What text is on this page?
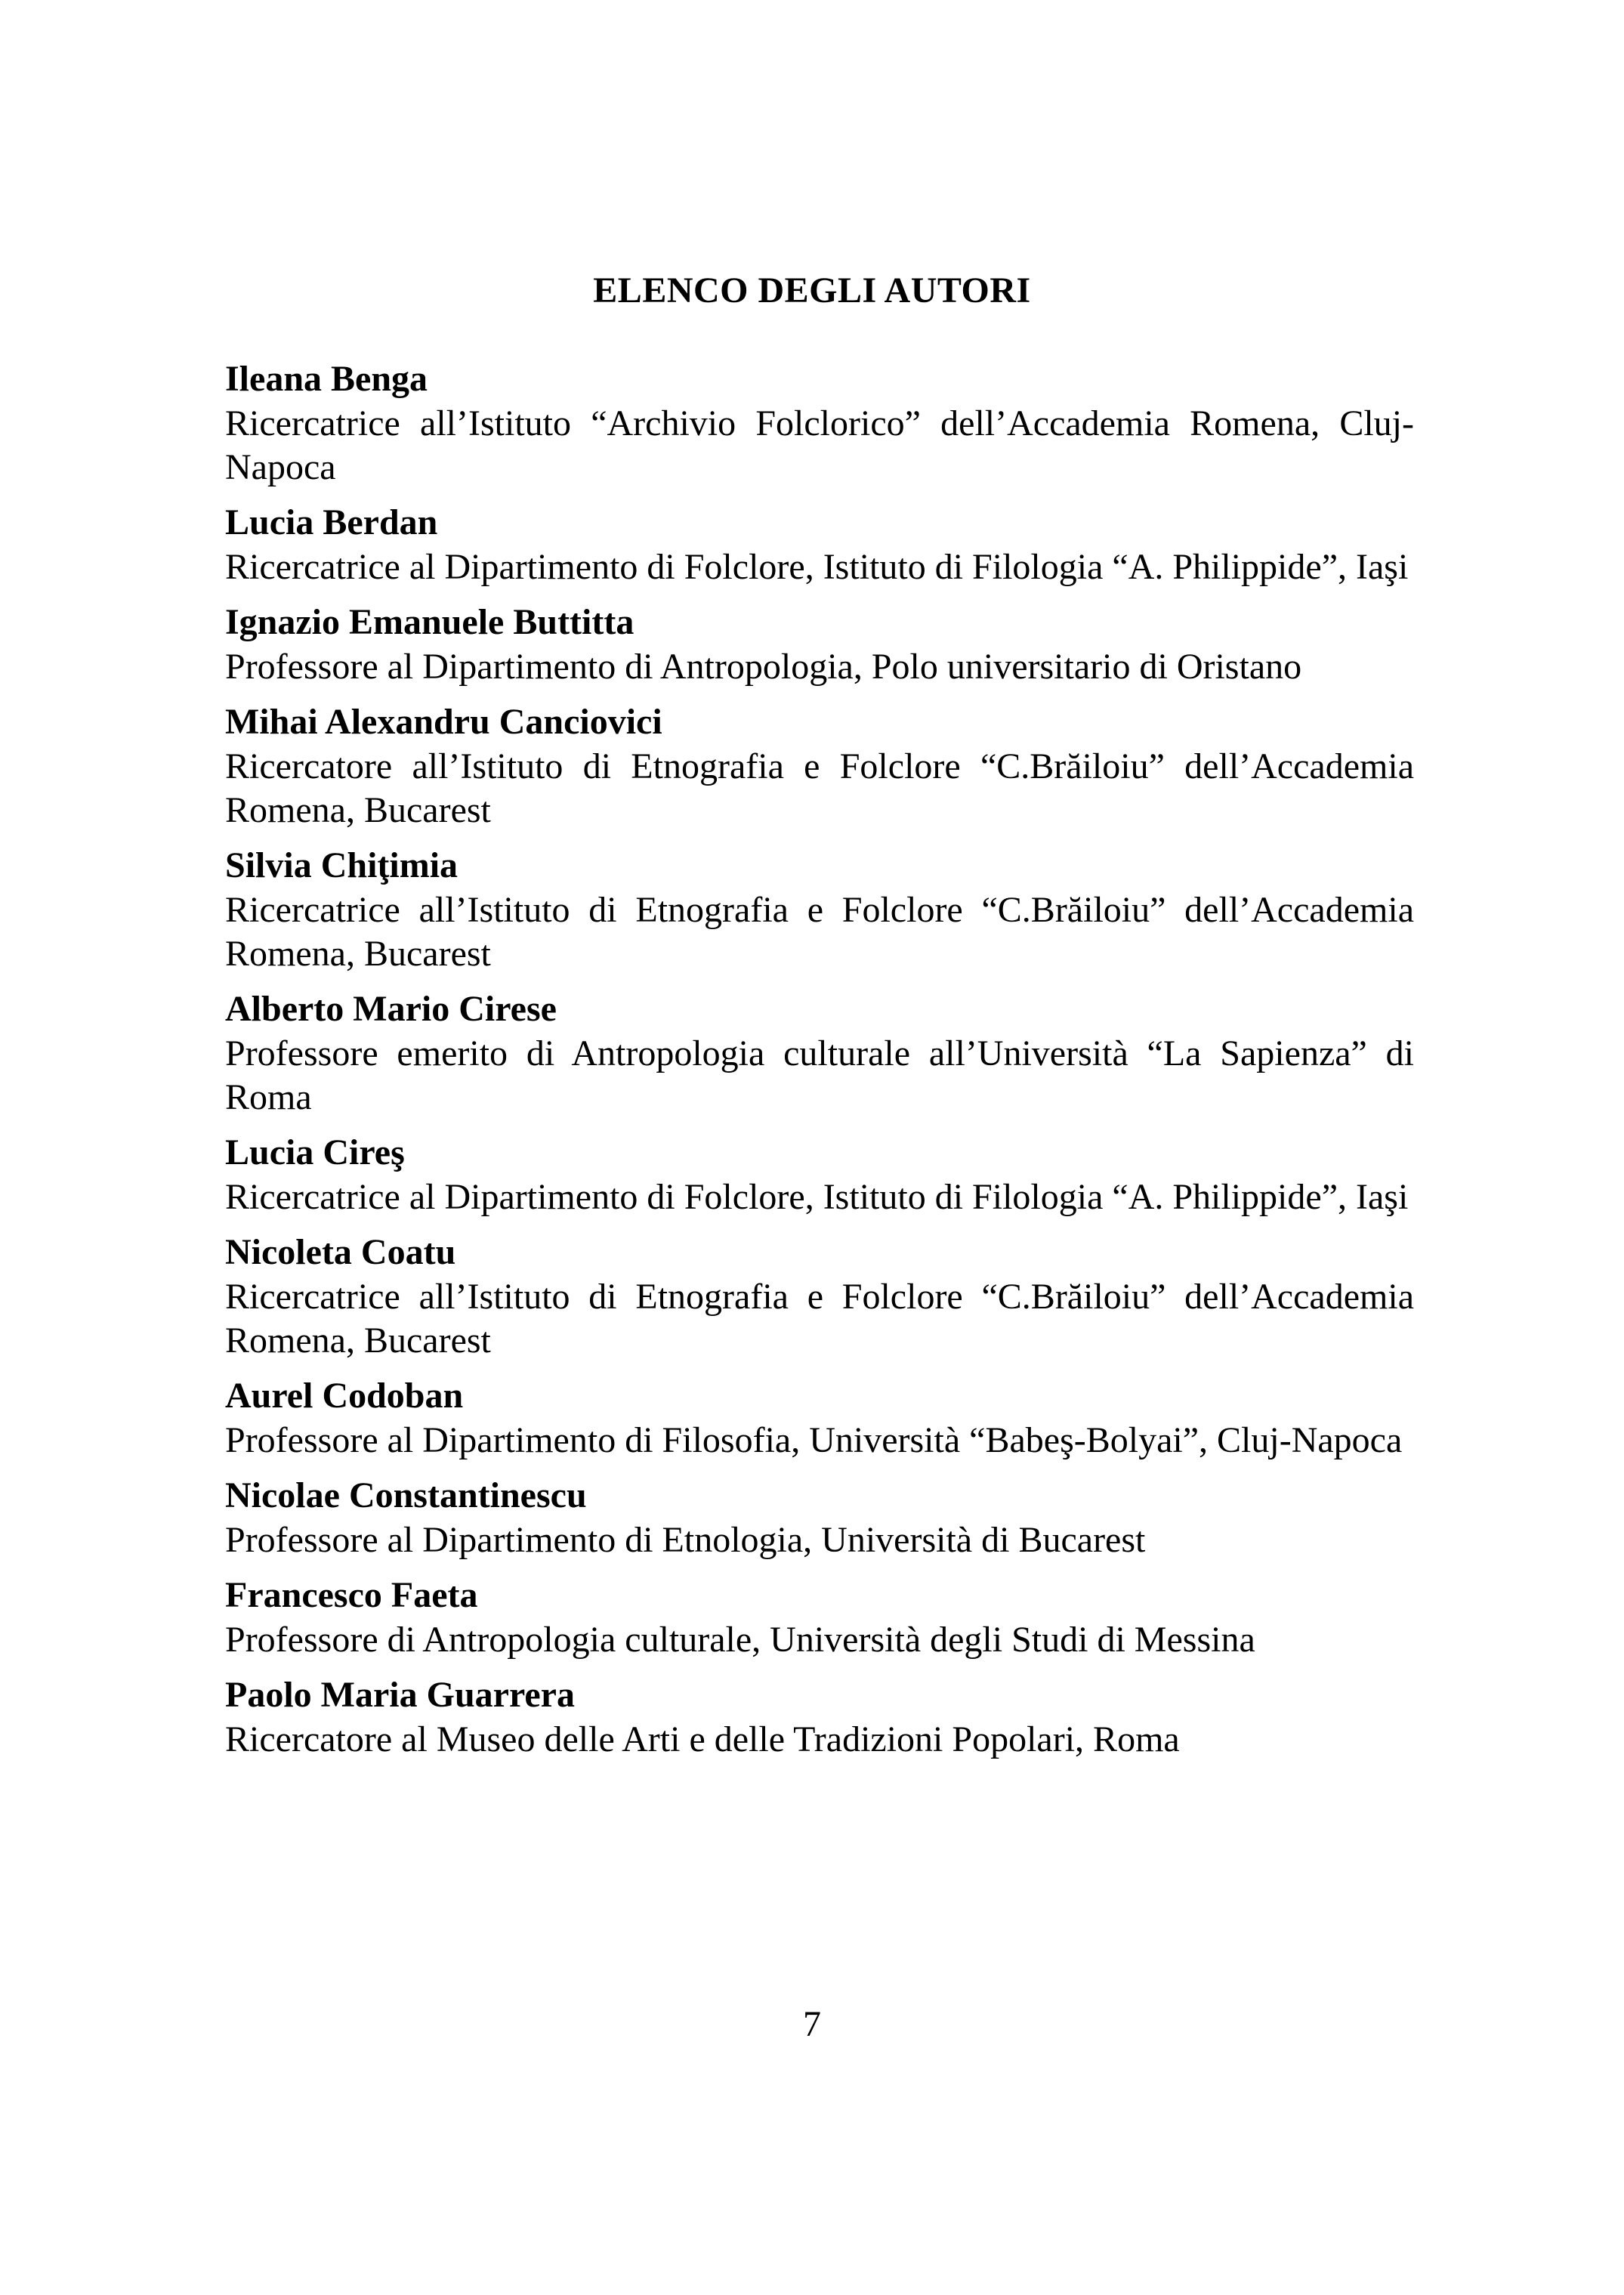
ELENCO DEGLI AUTORI
Ileana Benga
Ricercatrice all’Istituto “Archivio Folclorico” dell’Accademia Romena, Cluj-Napoca
Lucia Berdan
Ricercatrice al Dipartimento di Folclore, Istituto di Filologia “A. Philippide”, Iaşi
Ignazio Emanuele Buttitta
Professore al Dipartimento di Antropologia, Polo universitario di Oristano
Mihai Alexandru Canciovici
Ricercatore all’Istituto di Etnografia e Folclore “C.Brăiloiu” dell’Accademia Romena, Bucarest
Silvia Chiţimia
Ricercatrice all’Istituto di Etnografia e Folclore “C.Brăiloiu” dell’Accademia Romena, Bucarest
Alberto Mario Cirese
Professore emerito di Antropologia culturale all’Università “La Sapienza” di Roma
Lucia Cireş
Ricercatrice al Dipartimento di Folclore, Istituto di Filologia “A. Philippide”, Iaşi
Nicoleta Coatu
Ricercatrice all’Istituto di Etnografia e Folclore “C.Brăiloiu” dell’Accademia Romena, Bucarest
Aurel Codoban
Professore al Dipartimento di Filosofia, Università “Babeş-Bolyai”, Cluj-Napoca
Nicolae Constantinescu
Professore al Dipartimento di Etnologia, Università di Bucarest
Francesco Faeta
Professore di Antropologia culturale, Università degli Studi di Messina
Paolo Maria Guarrera
Ricercatore al Museo delle Arti e delle Tradizioni Popolari, Roma
7
